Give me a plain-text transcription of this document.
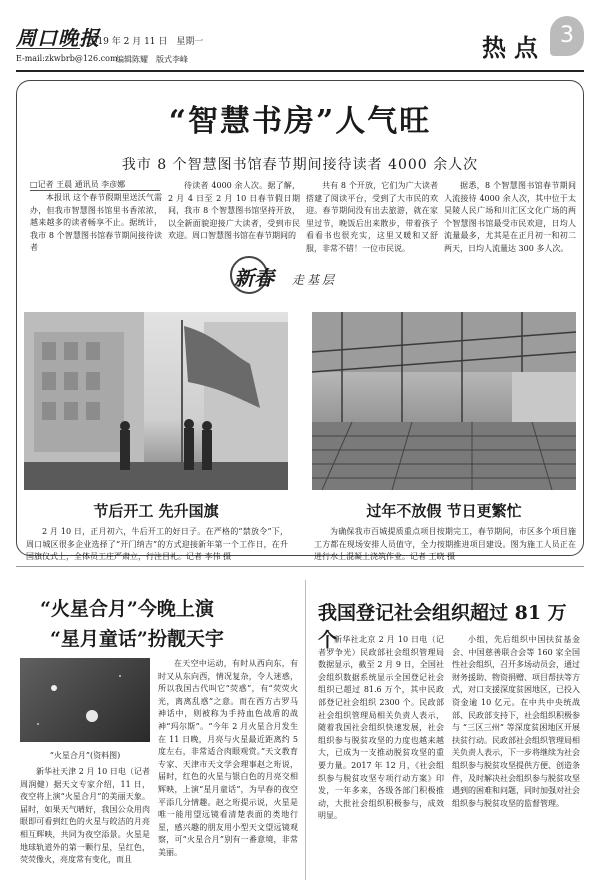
周口晚报
2019 年 2 月 11 日　星期一
E-mail:zkwbrb@126.com
编辑陈耀　版式李峰	热点 3
“智慧书房”人气旺
我市 8 个智慧图书馆春节期间接待读者 4000 余人次
□记者 王晨 通讯员 李彦娜
本报讯 这个春节假期里送沃气需办，但我市智慧图书馆里书香浓浓，越来越多的读者畅享不止。据统计，我市 8 个智慧图书馆春节期间接待读者
待读者 4000 余人次。据了解，2 月 4 日至 2 月 10 日春节假日期间，我市 8 个智慧图书馆坚持开放，以全新面貌迎接广大读者，受到市民欢迎。周口智慧图书馆在春节期间的
共有 8 个开放，它们为广大读者搭建了阅读平台，受到了大市民的欢迎。春节期间没有出去旅游，就在家里过节，晚饭后出来散步，带着孩子看看书也很充实，这里又暖和又舒服，非常不错！一位市民说。
据悉，8 个智慧图书馆春节期间人流接待 4000 余人次，其中位于太昊陵人民广场和川汇区文化广场的两个智慧图书馆最受市民欢迎，日均人流量最多，尤其是在正月初一和初二两天，日均人流量达 300 多人次。
新春 走基层
节后开工 先升国旗	过年不放假 节日更繁忙
2 月 10 日，正月初六，牛后开工的好日子。在严格的“禁放令”下，周口城区很多企业选择了“开门纳吉”的方式迎接新年第一个工作日，在升国旗仪式上，全体员工庄严肃立，行注目礼。记者 李伟 摄
为确保我市百城提质重点项目按期完工，春节期间，市区多个项目施工方都在现场安排人员值守，全力按期推进项目建设。图为施工人员正在进行水上混凝土浇筑作业。记者 王晓 摄
“火星合月”今晚上演
“星月童话”扮靓天宇
“火星合月”(资料图)
新华社天津 2 月 10 日电（记者周润健）据天文专家介绍，11 日，夜空将上演“火星合月”的美丽天象。届时，如果天气晴好，我国公众用肉眼即可看到红色的火星与皎洁的月亮相互辉映，共同为夜空添景。火星是地球轨道外的第一颗行星，呈红色，荧荧像火，亮度常有变化，而且
在天空中运动，有时从西向东，有时又从东向西，情况复杂，令人迷惑，所以我国古代叫它“荧惑”，有“荧荧火光，离离乱惑”之意。而在西方古罗马神话中，则被称为手持血色战盾的战神“玛尔斯”。“今年 2 月火星合月发生在 11 日晚，月亮与火星最近距离约 5 度左右，非常适合肉眼观赏。”天文教育专家、天津市天文学会理事赵之珩说，届时，红色的火星与银白色的月亮交相辉映，上演“星月童话”，为早春的夜空平添几分情趣。赵之珩提示说，火星是唯一能用望远镜看清楚表面的类地行星，感兴趣的朋友用小型天文望远镜观察，可“火星合月”别有一番意境，非常美丽。
我国登记社会组织超过 81 万个
新华社北京 2 月 10 日电（记者罗争光）民政部社会组织管理局数据显示，截至 2 月 9 日，全国社会组织数据系统显示全国登记社会组织已超过 81.6 万个，其中民政部登记社会组织 2300 个。民政部社会组织管理局相关负责人表示，随着我国社会组织快速发展，社会组织参与脱贫攻坚的力度也越来越大，已成为一支推动脱贫攻坚的重要力量。2017 年 12 月，《社会组织参与脱贫攻坚专项行动方案》印发，一年多来，各级各部门积极推动，大批社会组织积极参与，成效明显。
小组，先后组织中国扶贫基金会、中国慈善联合会等 160 家全国性社会组织，召开多场动员会，通过财务援助、物资捐赠、项目帮扶等方式，对口支援深度贫困地区，已投入资金逾 10 亿元。在中共中央统战部、民政部支持下，社会组织积极参与 “三区三州” 等深度贫困地区开展扶贫行动。民政部社会组织管理局相关负责人表示，下一步将继续为社会组织参与脱贫攻坚提供方便、创造条件，及时解决社会组织参与脱贫攻坚遇到的困难和问题，同时加强对社会组织参与脱贫攻坚的监督管理。
